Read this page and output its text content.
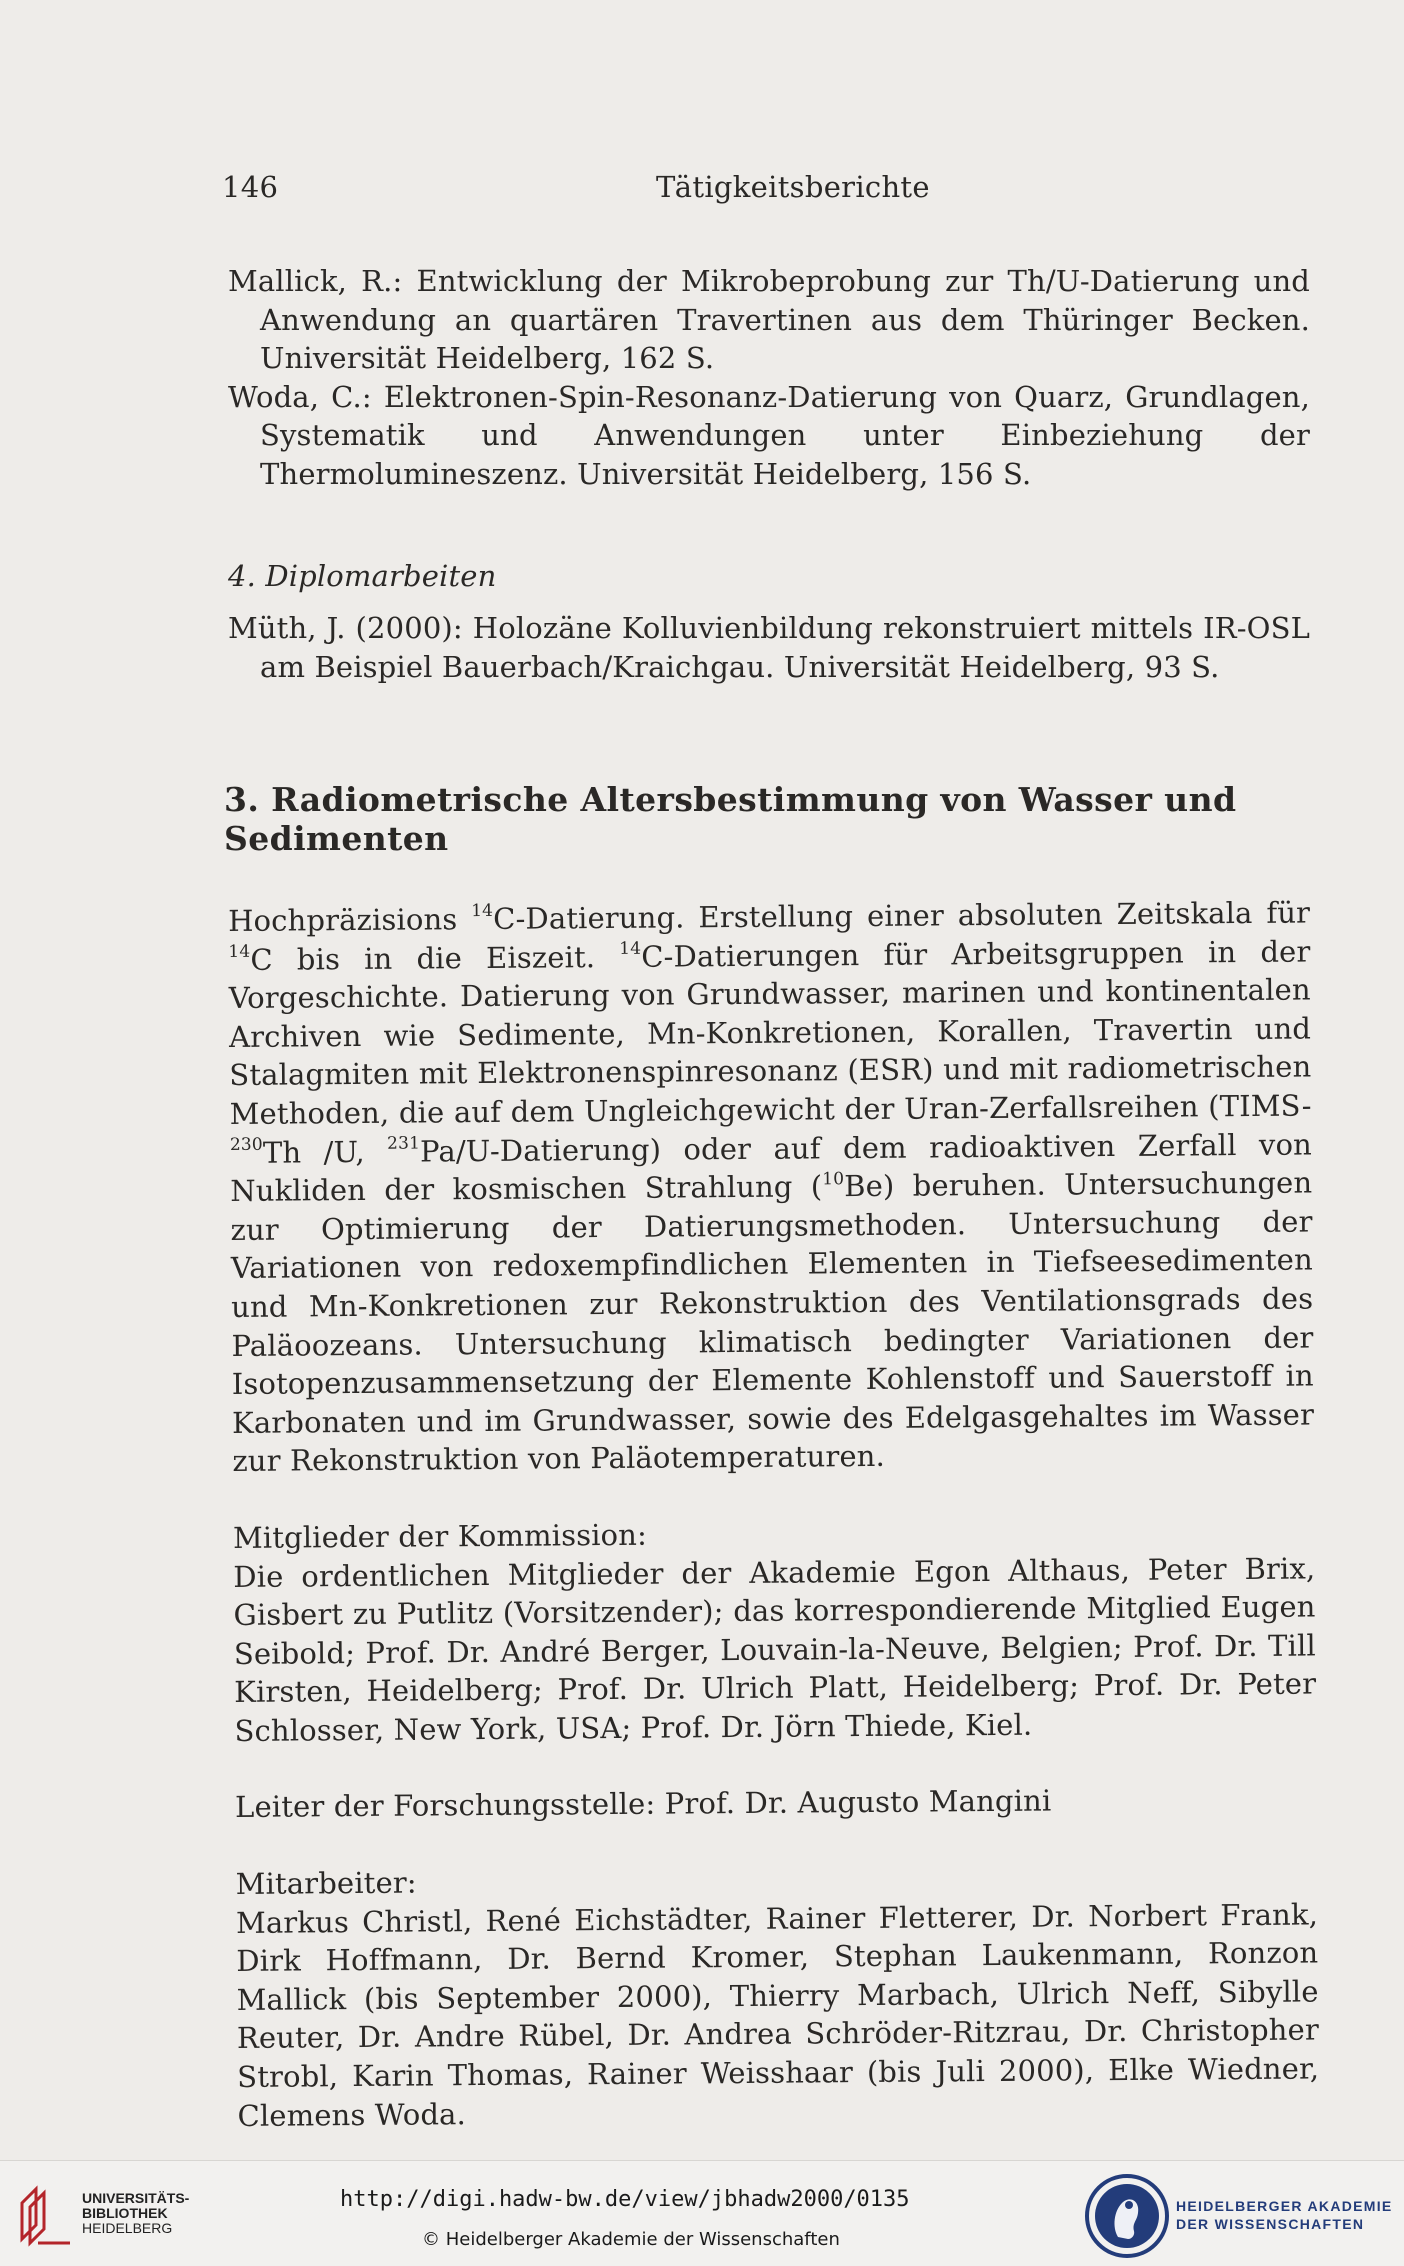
146	Tätigkeitsberichte

Mallick, R.: Entwicklung der Mikrobeprobung zur Th/U-Datierung und Anwendung an quartären Travertinen aus dem Thüringer Becken. Universität Heidelberg, 162 S.

Woda, C.: Elektronen-Spin-Resonanz-Datierung von Quarz, Grundlagen, Systematik und Anwendungen unter Einbeziehung der Thermolumineszenz. Universität Heidelberg, 156 S.

4. Diplomarbeiten

Müth, J. (2000): Holozäne Kolluvienbildung rekonstruiert mittels IR-OSL am Beispiel Bauerbach/Kraichgau. Universität Heidelberg, 93 S.

3. Radiometrische Altersbestimmung von Wasser und Sedimenten

Hochpräzisions $^{14}$C-Datierung. Erstellung einer absoluten Zeitskala für $^{14}$C bis in die Eiszeit. $^{14}$C-Datierungen für Arbeitsgruppen in der Vorgeschichte. Datierung von Grundwasser, marinen und kontinentalen Archiven wie Sedimente, Mn-Konkretionen, Korallen, Travertin und Stalagmiten mit Elektronenspinresonanz (ESR) und mit radiometrischen Methoden, die auf dem Ungleichgewicht der Uran-Zerfallsreihen (TIMS-$^{230}$Th /U, $^{231}$Pa/U-Datierung) oder auf dem radioaktiven Zerfall von Nukliden der kosmischen Strahlung ($^{10}$Be) beruhen. Untersuchungen zur Optimierung der Datierungsmethoden. Untersuchung der Variationen von redoxempfindlichen Elementen in Tiefseesedimenten und Mn-Konkretionen zur Rekonstruktion des Ventilationsgrads des Paläoozeans. Untersuchung klimatisch bedingter Variationen der Isotopenzusammensetzung der Elemente Kohlenstoff und Sauerstoff in Karbonaten und im Grundwasser, sowie des Edelgasgehaltes im Wasser zur Rekonstruktion von Paläotemperaturen.

Mitglieder der Kommission:

Die ordentlichen Mitglieder der Akademie Egon Althaus, Peter Brix, Gisbert zu Putlitz (Vorsitzender); das korrespondierende Mitglied Eugen Seibold; Prof. Dr. André Berger, Louvain-la-Neuve, Belgien; Prof. Dr. Till Kirsten, Heidelberg; Prof. Dr. Ulrich Platt, Heidelberg; Prof. Dr. Peter Schlosser, New York, USA; Prof. Dr. Jörn Thiede, Kiel.

Leiter der Forschungsstelle: Prof. Dr. Augusto Mangini

Mitarbeiter:

Markus Christl, René Eichstädter, Rainer Fletterer, Dr. Norbert Frank, Dirk Hoffmann, Dr. Bernd Kromer, Stephan Laukenmann, Ronzon Mallick (bis September 2000), Thierry Marbach, Ulrich Neff, Sibylle Reuter, Dr. Andre Rübel, Dr. Andrea Schröder-Ritzrau, Dr. Christopher Strobl, Karin Thomas, Rainer Weisshaar (bis Juli 2000), Elke Wiedner, Clemens Woda.

UNIVERSITÄTS-
BIBLIOTHEK
HEIDELBERG
http://digi.hadw-bw.de/view/jbhadw2000/0135
© Heidelberger Akademie der Wissenschaften
HEIDELBERGER AKADEMIE
DER WISSENSCHAFTEN
